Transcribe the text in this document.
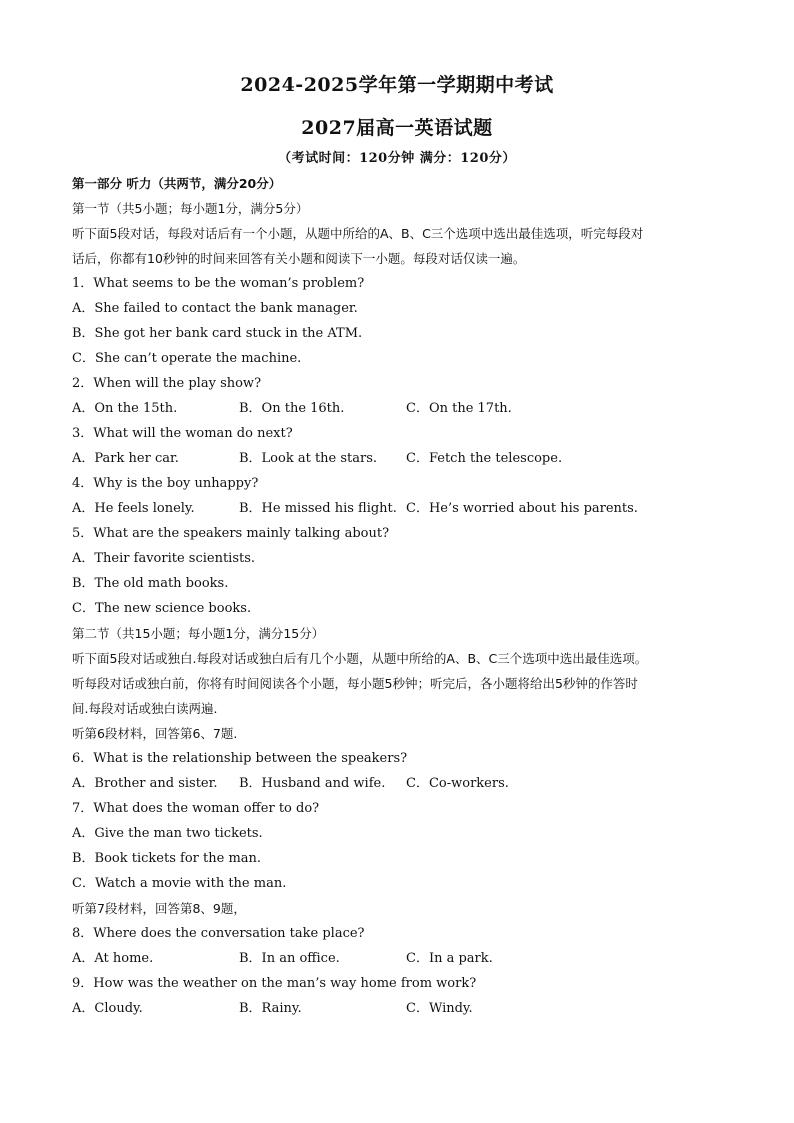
2024-2025学年第一学期期中考试
2027届高一英语试题
（考试时间：120分钟 满分：120分）
第一部分 听力（共两节，满分20分）
第一节（共5小题；每小题1分，满分5分）
听下面5段对话，每段对话后有一个小题，从题中所给的A、B、C三个选项中选出最佳选项，听完每段对
话后，你都有10秒钟的时间来回答有关小题和阅读下一小题。每段对话仅读一遍。
1．What seems to be the woman’s problem?
A．She failed to contact the bank manager.
B．She got her bank card stuck in the ATM.
C．She can’t operate the machine.
2．When will the play show?
A．On the 15th.	B．On the 16th.	C．On the 17th.
3．What will the woman do next?
A．Park her car.	B．Look at the stars.	C．Fetch the telescope.
4．Why is the boy unhappy?
A．He feels lonely.	B．He missed his flight. C．He’s worried about his parents.
5．What are the speakers mainly talking about?
A．Their favorite scientists.
B．The old math books.
C．The new science books.
第二节（共15小题；每小题1分，满分15分）
听下面5段对话或独白.每段对话或独白后有几个小题，从题中所给的A、B、C三个选项中选出最佳选项。
听每段对话或独白前，你将有时间阅读各个小题，每小题5秒钟；听完后，各小题将给出5秒钟的作答时
间.每段对话或独白读两遍.
听第6段材料，回答第6、7题.
6．What is the relationship between the speakers?
A．Brother and sister.	B．Husband and wife.	C．Co-workers.
7．What does the woman offer to do?
A．Give the man two tickets.
B．Book tickets for the man.
C．Watch a movie with the man.
听第7段材料，回答第8、9题，
8．Where does the conversation take place?
A．At home.	B．In an office.	C．In a park.
9．How was the weather on the man’s way home from work?
A．Cloudy.	B．Rainy.	C．Windy.
